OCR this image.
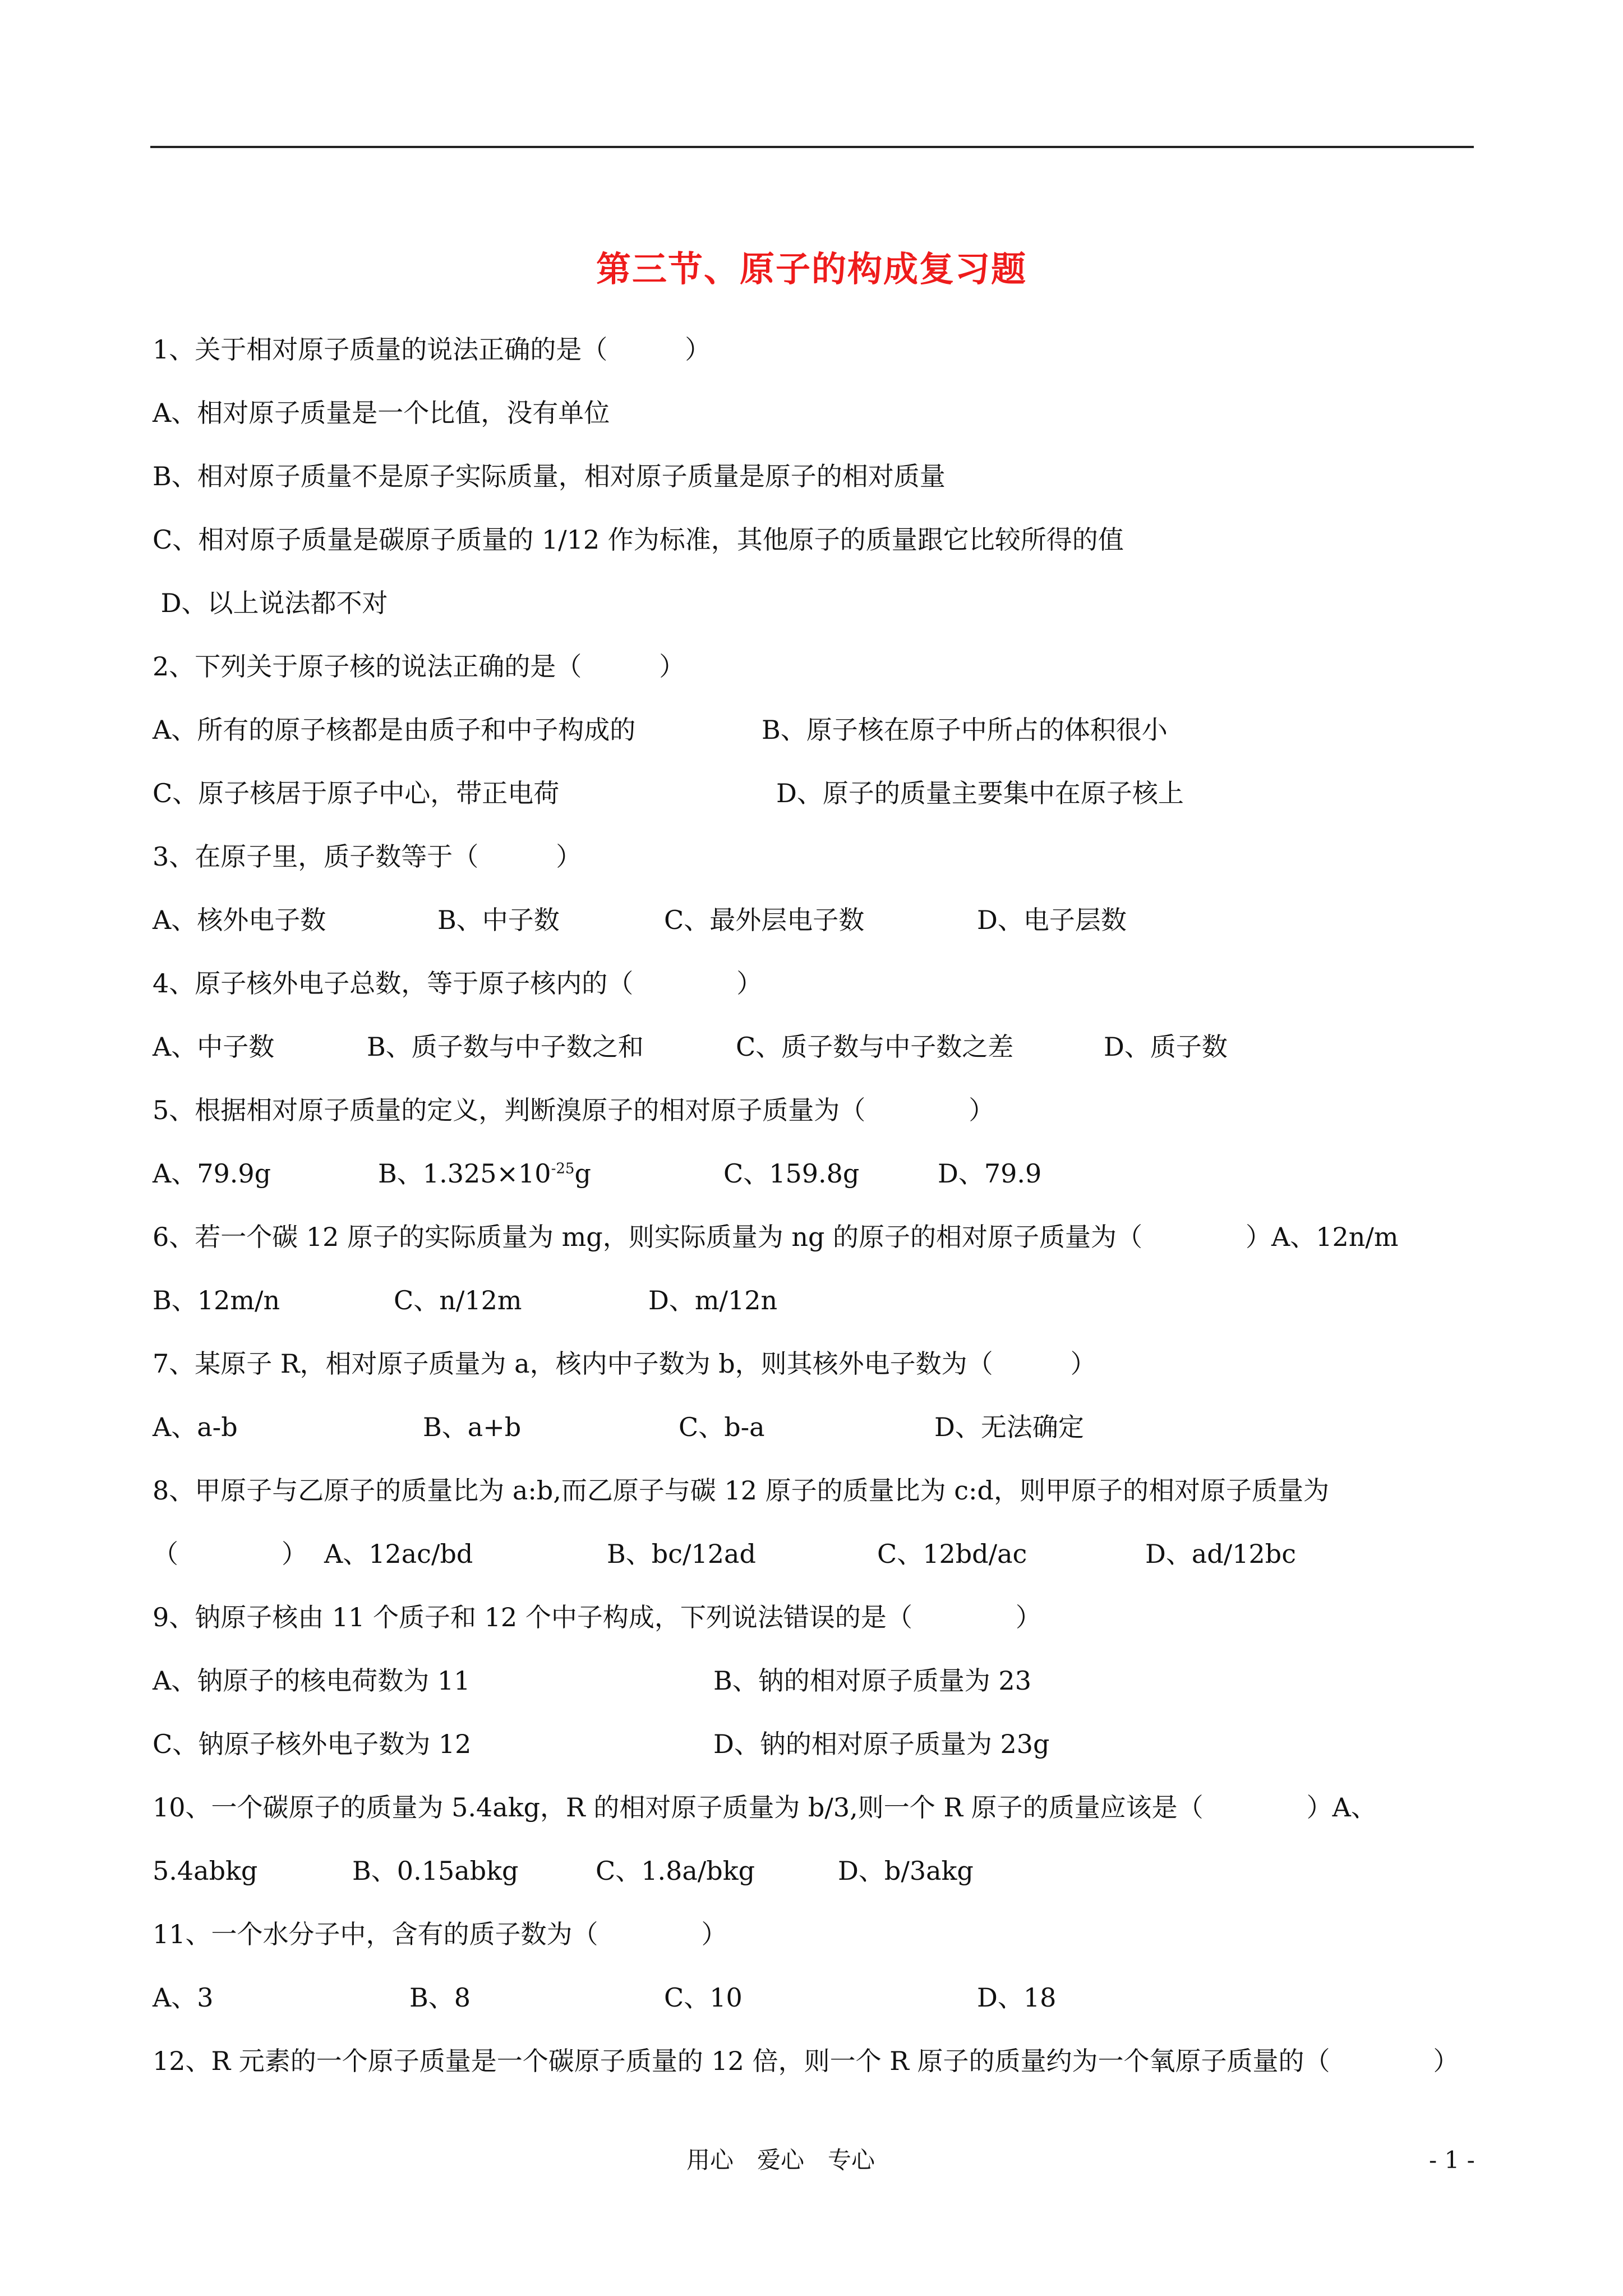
第三节、原子的构成复习题
1、关于相对原子质量的说法正确的是（　　　）
A、相对原子质量是一个比值，没有单位
B、相对原子质量不是原子实际质量，相对原子质量是原子的相对质量
C、相对原子质量是碳原子质量的 1/12 作为标准，其他原子的质量跟它比较所得的值
D、以上说法都不对
2、下列关于原子核的说法正确的是（　　　）
A、所有的原子核都是由质子和中子构成的	B、原子核在原子中所占的体积很小
C、原子核居于原子中心，带正电荷	D、原子的质量主要集中在原子核上
3、在原子里，质子数等于（　　　）
A、核外电子数	B、中子数	C、最外层电子数	D、电子层数
4、原子核外电子总数，等于原子核内的（　　　　）
A、中子数	B、质子数与中子数之和	C、质子数与中子数之差	D、质子数
5、根据相对原子质量的定义，判断溴原子的相对原子质量为（　　　　）
A、79.9g	B、$1.325\times 10^{-25}g$	C、159.8g	D、79.9
6、若一个碳 12 原子的实际质量为 mg，则实际质量为 ng 的原子的相对原子质量为（　　　　）A、12n/m
B、12m/n	C、n/12m	D、m/12n
7、某原子 R，相对原子质量为 a，核内中子数为 b，则其核外电子数为（　　　）
A、a-b	B、a+b	C、b-a	D、无法确定
8、甲原子与乙原子的质量比为 a:b,而乙原子与碳 12 原子的质量比为 c:d，则甲原子的相对原子质量为
（　　　　） A、12ac/bd	B、bc/12ad	C、12bd/ac	D、ad/12bc
9、钠原子核由 11 个质子和 12 个中子构成，下列说法错误的是（　　　　）
A、钠原子的核电荷数为 11	B、钠的相对原子质量为 23
C、钠原子核外电子数为 12	D、钠的相对原子质量为 23g
10、一个碳原子的质量为 5.4akg，R 的相对原子质量为 b/3,则一个 R 原子的质量应该是（　　　　）A、
5.4abkg	B、0.15abkg	C、1.8a/bkg	D、b/3akg
11、一个水分子中，含有的质子数为（　　　　）
A、3	B、8	C、10	D、18
12、R 元素的一个原子质量是一个碳原子质量的 12 倍，则一个 R 原子的质量约为一个氧原子质量的（　　　　）
用心　爱心　专心	- 1 -
